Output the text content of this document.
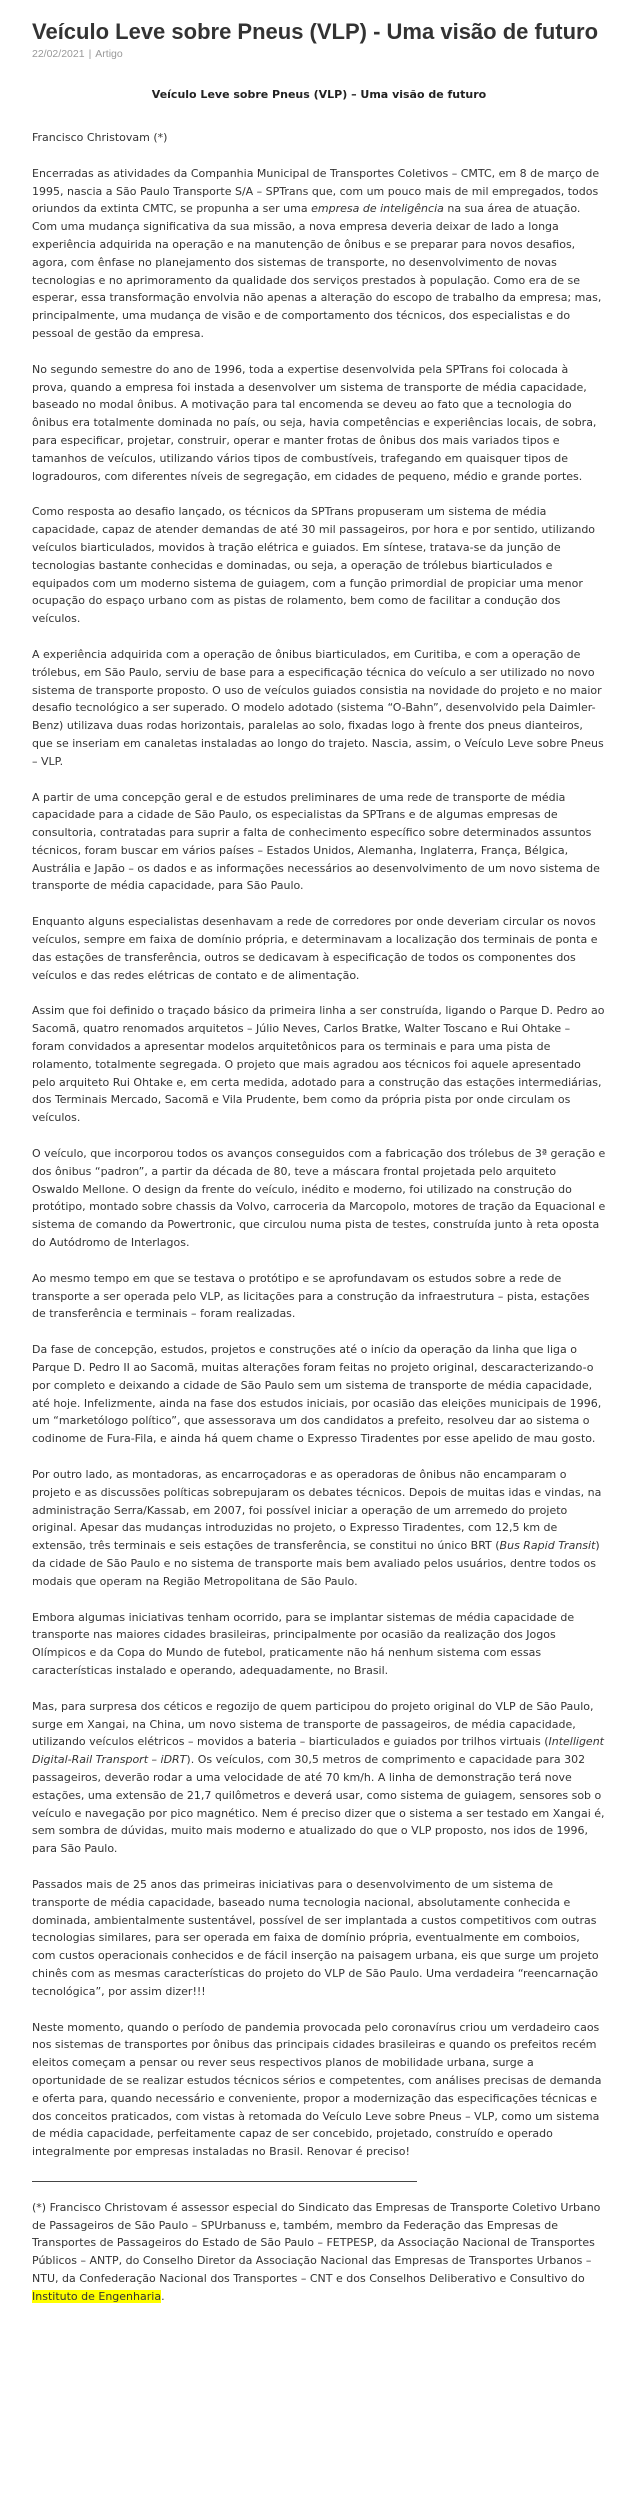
Veículo Leve sobre Pneus (VLP) - Uma visão de futuro
22/02/2021 | Artigo
Veículo Leve sobre Pneus (VLP) – Uma visão de futuro

Francisco Christovam (*)

Encerradas as atividades da Companhia Municipal de Transportes Coletivos – CMTC, em 8 de março de 1995, nascia a São Paulo Transporte S/A – SPTrans que, com um pouco mais de mil empregados, todos oriundos da extinta CMTC, se propunha a ser uma empresa de inteligência na sua área de atuação. Com uma mudança significativa da sua missão, a nova empresa deveria deixar de lado a longa experiência adquirida na operação e na manutenção de ônibus e se preparar para novos desafios, agora, com ênfase no planejamento dos sistemas de transporte, no desenvolvimento de novas tecnologias e no aprimoramento da qualidade dos serviços prestados à população. Como era de se esperar, essa transformação envolvia não apenas a alteração do escopo de trabalho da empresa; mas, principalmente, uma mudança de visão e de comportamento dos técnicos, dos especialistas e do pessoal de gestão da empresa.

No segundo semestre do ano de 1996, toda a expertise desenvolvida pela SPTrans foi colocada à prova, quando a empresa foi instada a desenvolver um sistema de transporte de média capacidade, baseado no modal ônibus. A motivação para tal encomenda se deveu ao fato que a tecnologia do ônibus era totalmente dominada no país, ou seja, havia competências e experiências locais, de sobra, para especificar, projetar, construir, operar e manter frotas de ônibus dos mais variados tipos e tamanhos de veículos, utilizando vários tipos de combustíveis, trafegando em quaisquer tipos de logradouros, com diferentes níveis de segregação, em cidades de pequeno, médio e grande portes.

Como resposta ao desafio lançado, os técnicos da SPTrans propuseram um sistema de média capacidade, capaz de atender demandas de até 30 mil passageiros, por hora e por sentido, utilizando veículos biarticulados, movidos à tração elétrica e guiados. Em síntese, tratava-se da junção de tecnologias bastante conhecidas e dominadas, ou seja, a operação de trólebus biarticulados e equipados com um moderno sistema de guiagem, com a função primordial de propiciar uma menor ocupação do espaço urbano com as pistas de rolamento, bem como de facilitar a condução dos veículos.

A experiência adquirida com a operação de ônibus biarticulados, em Curitiba, e com a operação de trólebus, em São Paulo, serviu de base para a especificação técnica do veículo a ser utilizado no novo sistema de transporte proposto. O uso de veículos guiados consistia na novidade do projeto e no maior desafio tecnológico a ser superado. O modelo adotado (sistema “O-Bahn”, desenvolvido pela Daimler-Benz) utilizava duas rodas horizontais, paralelas ao solo, fixadas logo à frente dos pneus dianteiros, que se inseriam em canaletas instaladas ao longo do trajeto. Nascia, assim, o Veículo Leve sobre Pneus – VLP.

A partir de uma concepção geral e de estudos preliminares de uma rede de transporte de média capacidade para a cidade de São Paulo, os especialistas da SPTrans e de algumas empresas de consultoria, contratadas para suprir a falta de conhecimento específico sobre determinados assuntos técnicos, foram buscar em vários países – Estados Unidos, Alemanha, Inglaterra, França, Bélgica, Austrália e Japão – os dados e as informações necessários ao desenvolvimento de um novo sistema de transporte de média capacidade, para São Paulo.

Enquanto alguns especialistas desenhavam a rede de corredores por onde deveriam circular os novos veículos, sempre em faixa de domínio própria, e determinavam a localização dos terminais de ponta e das estações de transferência, outros se dedicavam à especificação de todos os componentes dos veículos e das redes elétricas de contato e de alimentação.

Assim que foi definido o traçado básico da primeira linha a ser construída, ligando o Parque D. Pedro ao Sacomã, quatro renomados arquitetos – Júlio Neves, Carlos Bratke, Walter Toscano e Rui Ohtake – foram convidados a apresentar modelos arquitetônicos para os terminais e para uma pista de rolamento, totalmente segregada. O projeto que mais agradou aos técnicos foi aquele apresentado pelo arquiteto Rui Ohtake e, em certa medida, adotado para a construção das estações intermediárias, dos Terminais Mercado, Sacomã e Vila Prudente, bem como da própria pista por onde circulam os veículos.

O veículo, que incorporou todos os avanços conseguidos com a fabricação dos trólebus de 3ª geração e dos ônibus “padron”, a partir da década de 80, teve a máscara frontal projetada pelo arquiteto Oswaldo Mellone. O design da frente do veículo, inédito e moderno, foi utilizado na construção do protótipo, montado sobre chassis da Volvo, carroceria da Marcopolo, motores de tração da Equacional e sistema de comando da Powertronic, que circulou numa pista de testes, construída junto à reta oposta do Autódromo de Interlagos.

Ao mesmo tempo em que se testava o protótipo e se aprofundavam os estudos sobre a rede de transporte a ser operada pelo VLP, as licitações para a construção da infraestrutura – pista, estações de transferência e terminais – foram realizadas.

Da fase de concepção, estudos, projetos e construções até o início da operação da linha que liga o Parque D. Pedro II ao Sacomã, muitas alterações foram feitas no projeto original, descaracterizando-o por completo e deixando a cidade de São Paulo sem um sistema de transporte de média capacidade, até hoje. Infelizmente, ainda na fase dos estudos iniciais, por ocasião das eleições municipais de 1996, um “marketólogo político”, que assessorava um dos candidatos a prefeito, resolveu dar ao sistema o codinome de Fura-Fila, e ainda há quem chame o Expresso Tiradentes por esse apelido de mau gosto.

Por outro lado, as montadoras, as encarroçadoras e as operadoras de ônibus não encamparam o projeto e as discussões políticas sobrepujaram os debates técnicos. Depois de muitas idas e vindas, na administração Serra/Kassab, em 2007, foi possível iniciar a operação de um arremedo do projeto original. Apesar das mudanças introduzidas no projeto, o Expresso Tiradentes, com 12,5 km de extensão, três terminais e seis estações de transferência, se constitui no único BRT (Bus Rapid Transit) da cidade de São Paulo e no sistema de transporte mais bem avaliado pelos usuários, dentre todos os modais que operam na Região Metropolitana de São Paulo.

Embora algumas iniciativas tenham ocorrido, para se implantar sistemas de média capacidade de transporte nas maiores cidades brasileiras, principalmente por ocasião da realização dos Jogos Olímpicos e da Copa do Mundo de futebol, praticamente não há nenhum sistema com essas características instalado e operando, adequadamente, no Brasil.

Mas, para surpresa dos céticos e regozijo de quem participou do projeto original do VLP de São Paulo, surge em Xangai, na China, um novo sistema de transporte de passageiros, de média capacidade, utilizando veículos elétricos – movidos a bateria – biarticulados e guiados por trilhos virtuais (Intelligent Digital-Rail Transport – iDRT). Os veículos, com 30,5 metros de comprimento e capacidade para 302 passageiros, deverão rodar a uma velocidade de até 70 km/h. A linha de demonstração terá nove estações, uma extensão de 21,7 quilômetros e deverá usar, como sistema de guiagem, sensores sob o veículo e navegação por pico magnético. Nem é preciso dizer que o sistema a ser testado em Xangai é, sem sombra de dúvidas, muito mais moderno e atualizado do que o VLP proposto, nos idos de 1996, para São Paulo.

Passados mais de 25 anos das primeiras iniciativas para o desenvolvimento de um sistema de transporte de média capacidade, baseado numa tecnologia nacional, absolutamente conhecida e dominada, ambientalmente sustentável, possível de ser implantada a custos competitivos com outras tecnologias similares, para ser operada em faixa de domínio própria, eventualmente em comboios, com custos operacionais conhecidos e de fácil inserção na paisagem urbana, eis que surge um projeto chinês com as mesmas características do projeto do VLP de São Paulo. Uma verdadeira “reencarnação tecnológica”, por assim dizer!!!

Neste momento, quando o período de pandemia provocada pelo coronavírus criou um verdadeiro caos nos sistemas de transportes por ônibus das principais cidades brasileiras e quando os prefeitos recém eleitos começam a pensar ou rever seus respectivos planos de mobilidade urbana, surge a oportunidade de se realizar estudos técnicos sérios e competentes, com análises precisas de demanda e oferta para, quando necessário e conveniente, propor a modernização das especificações técnicas e dos conceitos praticados, com vistas à retomada do Veículo Leve sobre Pneus – VLP, como um sistema de média capacidade, perfeitamente capaz de ser concebido, projetado, construído e operado integralmente por empresas instaladas no Brasil. Renovar é preciso!

(*) Francisco Christovam é assessor especial do Sindicato das Empresas de Transporte Coletivo Urbano de Passageiros de São Paulo – SPUrbanuss e, também, membro da Federação das Empresas de Transportes de Passageiros do Estado de São Paulo – FETPESP, da Associação Nacional de Transportes Públicos – ANTP, do Conselho Diretor da Associação Nacional das Empresas de Transportes Urbanos – NTU, da Confederação Nacional dos Transportes – CNT e dos Conselhos Deliberativo e Consultivo do Instituto de Engenharia.
